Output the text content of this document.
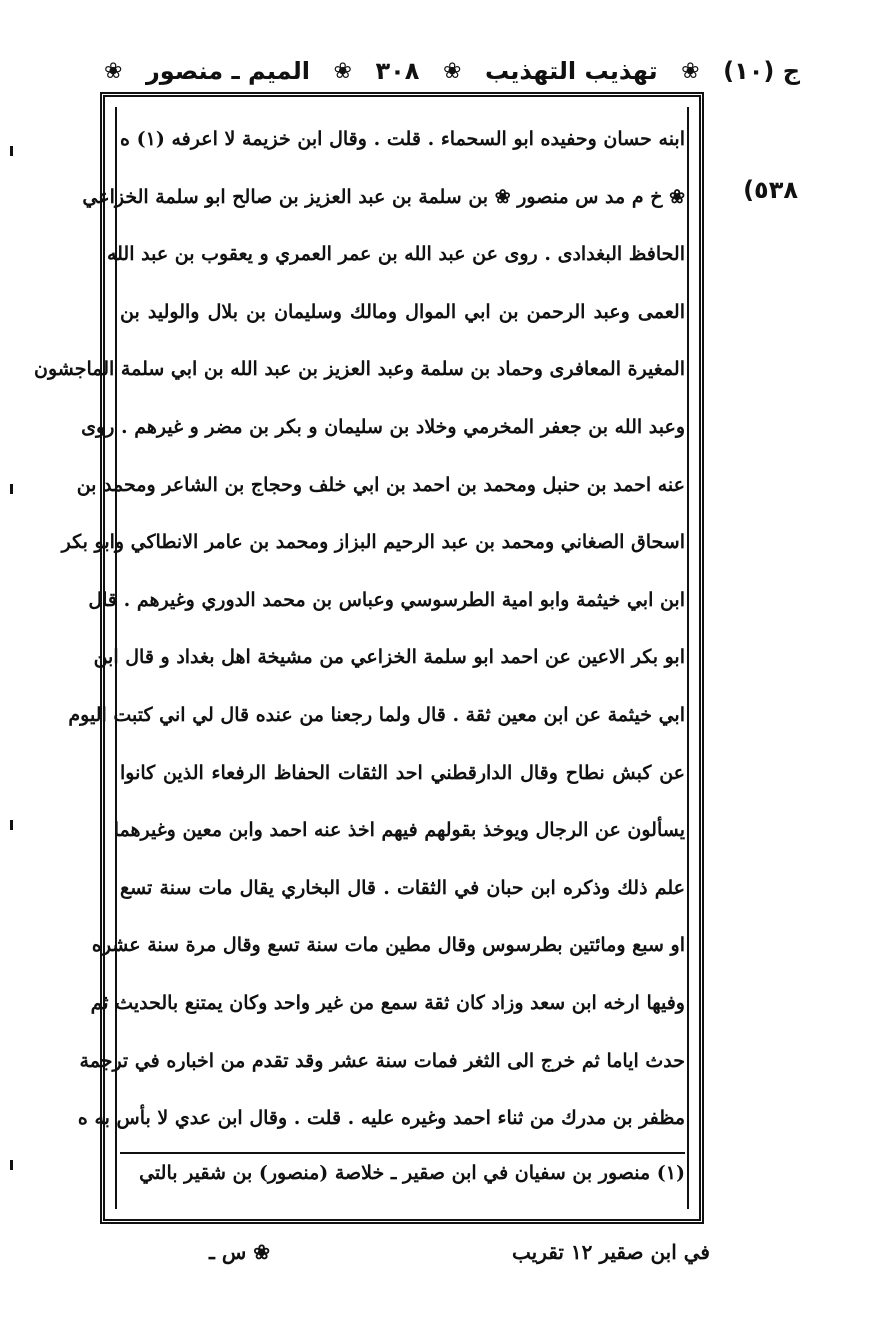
ج (١٠)
❀
تهذيب التهذيب
❀
٣٠٨
❀
الميم ـ منصور
❀
٥٣٨)
ابنه حسان وحفيده ابو السحماء . قلت . وقال ابن خزيمة لا اعرفه (١) ه
❀ خ م مد س منصور ❀ بن سلمة بن عبد العزيز بن صالح ابو سلمة الخزاعي
الحافظ البغدادى . روى عن عبد الله بن عمر العمري و يعقوب بن عبد الله
العمى وعبد الرحمن بن ابي الموال ومالك وسليمان بن بلال والوليد بن
المغيرة المعافرى وحماد بن سلمة وعبد العزيز بن عبد الله بن ابي سلمة الماجشون
وعبد الله بن جعفر المخرمي وخلاد بن سليمان و بكر بن مضر و غيرهم . روى
عنه احمد بن حنبل ومحمد بن احمد بن ابي خلف وحجاج بن الشاعر ومحمد بن
اسحاق الصغاني ومحمد بن عبد الرحيم البزاز ومحمد بن عامر الانطاكي وابو بكر
ابن ابي خيثمة وابو امية الطرسوسي وعباس بن محمد الدوري وغيرهم . قال
ابو بكر الاعين عن احمد ابو سلمة الخزاعي من مشيخة اهل بغداد و قال ابن
ابي خيثمة عن ابن معين ثقة . قال ولما رجعنا من عنده قال لي اني كتبت اليوم
عن كبش نطاح وقال الدارقطني احد الثقات الحفاظ الرفعاء الذين كانوا
يسألون عن الرجال ويوخذ بقولهم فيهم اخذ عنه احمد وابن معين وغيرهما
علم ذلك وذكره ابن حبان في الثقات . قال البخاري يقال مات سنة تسع
او سبع ومائتين بطرسوس وقال مطين مات سنة تسع وقال مرة سنة عشره
وفيها ارخه ابن سعد وزاد كان ثقة سمع من غير واحد وكان يمتنع بالحديث ثم
حدث اياما ثم خرج الى الثغر فمات سنة عشر وقد تقدم من اخباره في ترجمة
مظفر بن مدرك من ثناء احمد وغيره عليه . قلت . وقال ابن عدي لا بأس به ه
(١) منصور بن سفيان في ابن صقير ـ خلاصة (منصور) بن شقير بالتي
في ابن صقير ١٢ تقريب
❀ س ـ
